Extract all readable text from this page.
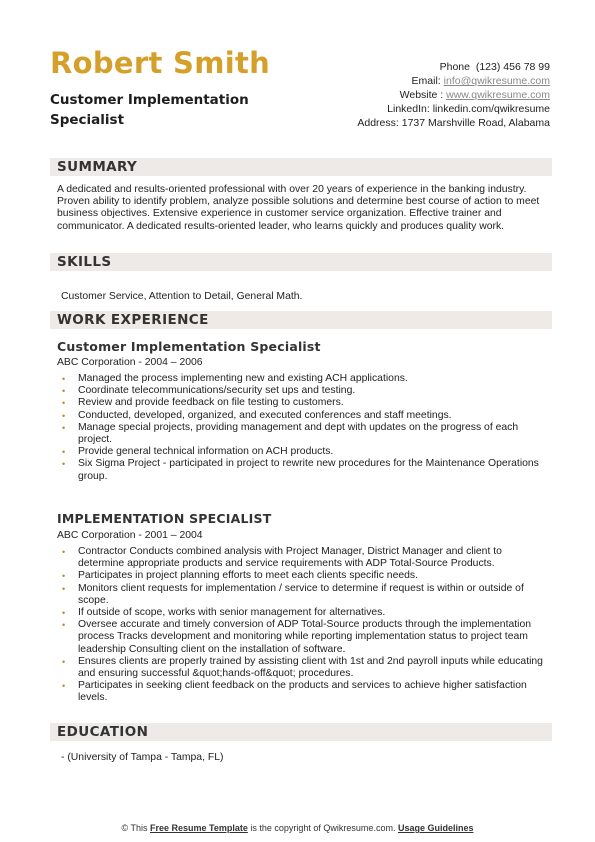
Robert Smith
Customer Implementation Specialist
Phone (123) 456 78 99
Email: info@qwikresume.com
Website : www.qwikresume.com
LinkedIn: linkedin.com/qwikresume
Address: 1737 Marshville Road, Alabama
SUMMARY
A dedicated and results-oriented professional with over 20 years of experience in the banking industry. Proven ability to identify problem, analyze possible solutions and determine best course of action to meet business objectives. Extensive experience in customer service organization. Effective trainer and communicator. A dedicated results-oriented leader, who learns quickly and produces quality work.
SKILLS
Customer Service, Attention to Detail, General Math.
WORK EXPERIENCE
Customer Implementation Specialist
ABC Corporation - 2004 – 2006
• Managed the process implementing new and existing ACH applications.
• Coordinate telecommunications/security set ups and testing.
• Review and provide feedback on file testing to customers.
• Conducted, developed, organized, and executed conferences and staff meetings.
• Manage special projects, providing management and dept with updates on the progress of each project.
• Provide general technical information on ACH products.
• Six Sigma Project - participated in project to rewrite new procedures for the Maintenance Operations group.
IMPLEMENTATION SPECIALIST
ABC Corporation - 2001 – 2004
• Contractor Conducts combined analysis with Project Manager, District Manager and client to determine appropriate products and service requirements with ADP Total-Source Products.
• Participates in project planning efforts to meet each clients specific needs.
• Monitors client requests for implementation / service to determine if request is within or outside of scope.
• If outside of scope, works with senior management for alternatives.
• Oversee accurate and timely conversion of ADP Total-Source products through the implementation process Tracks development and monitoring while reporting implementation status to project team leadership Consulting client on the installation of software.
• Ensures clients are properly trained by assisting client with 1st and 2nd payroll inputs while educating and ensuring successful &quot;hands-off&quot; procedures.
• Participates in seeking client feedback on the products and services to achieve higher satisfaction levels.
EDUCATION
- (University of Tampa - Tampa, FL)
© This Free Resume Template is the copyright of Qwikresume.com. Usage Guidelines
